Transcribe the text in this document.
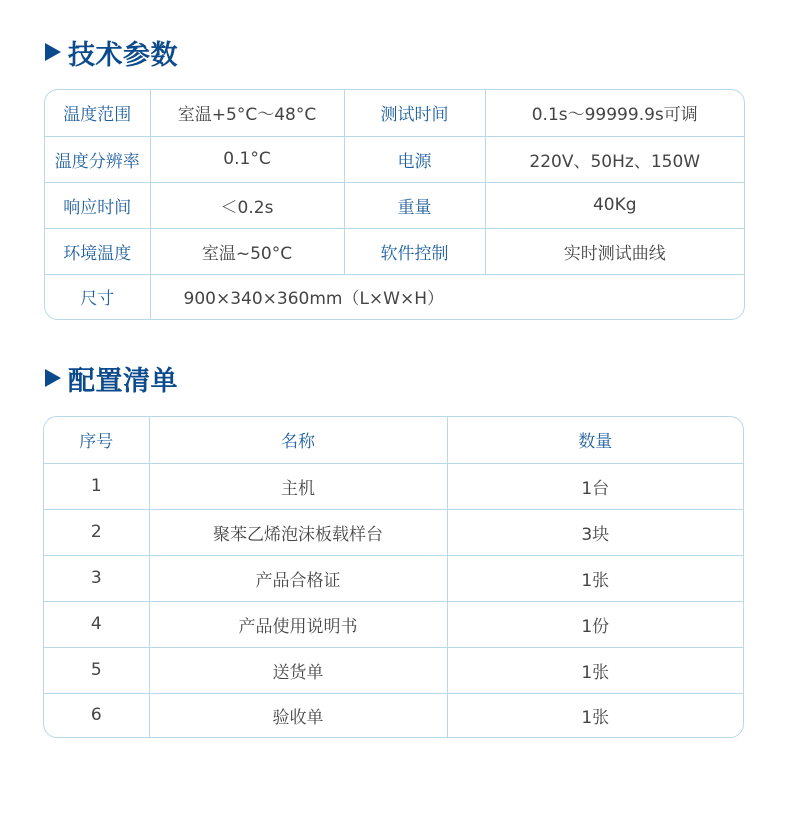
技术参数
温度范围	室温+5°C～48°C	测试时间	0.1s～99999.9s可调
温度分辨率	0.1°C	电源	220V、50Hz、150W
响应时间	＜0.2s	重量	40Kg
环境温度	室温~50°C	软件控制	实时测试曲线
尺寸	900×340×360mm（L×W×H）		
配置清单
序号	名称	数量
1	主机	1台
2	聚苯乙烯泡沫板载样台	3块
3	产品合格证	1张
4	产品使用说明书	1份
5	送货单	1张
6	验收单	1张
